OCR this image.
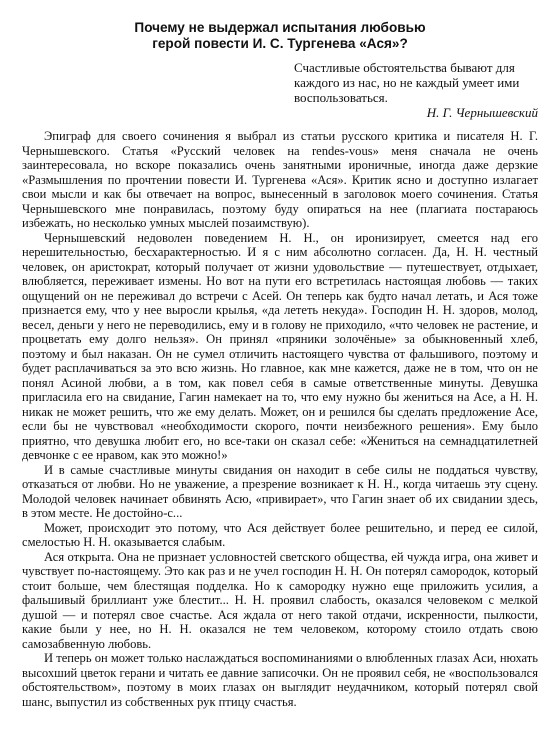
Почему не выдержал испытания любовью
герой повести И. С. Тургенева «Ася»?
Счастливые обстоятельства бывают для каждого из нас, но не каждый умеет ими воспользоваться.
Н. Г. Чернышевский

Эпиграф для своего сочинения я выбрал из статьи русского критика и писателя Н. Г. Чернышевского. Статья «Русский человек на rendes-vous» меня сначала не очень заинтересовала, но вскоре показались очень занятными ироничные, иногда даже дерзкие «Размышления по прочтении повести И. Тургенева «Ася». Критик ясно и доступно излагает свои мысли и как бы отвечает на вопрос, вынесенный в заголовок моего сочинения. Статья Чернышевского мне понравилась, поэтому буду опираться на нее (плагиата постараюсь избежать, но несколько умных мыслей позаимствую).

Чернышевский недоволен поведением Н. Н., он иронизирует, смеется над его нерешительностью, бесхарактерностью. И я с ним абсолютно согласен. Да, Н. Н. честный человек, он аристократ, который получает от жизни удовольствие — путешествует, отдыхает, влюбляется, переживает измены. Но вот на пути его встретилась настоящая любовь — таких ощущений он не переживал до встречи с Асей. Он теперь как будто начал летать, и Ася тоже признается ему, что у нее выросли крылья, «да лететь некуда». Господин Н. Н. здоров, молод, весел, деньги у него не переводились, ему и в голову не приходило, «что человек не растение, и процветать ему долго нельзя». Он принял «пряники золочёные» за обыкновенный хлеб, поэтому и был наказан. Он не сумел отличить настоящего чувства от фальшивого, поэтому и будет расплачиваться за это всю жизнь. Но главное, как мне кажется, даже не в том, что он не понял Асиной любви, а в том, как повел себя в самые ответственные минуты. Девушка пригласила его на свидание, Гагин намекает на то, что ему нужно бы жениться на Асе, а Н. Н. никак не может решить, что же ему делать. Может, он и решился бы сделать предложение Асе, если бы не чувствовал «необходимости скорого, почти неизбежного решения». Ему было приятно, что девушка любит его, но все-таки он сказал себе: «Жениться на семнадцатилетней девчонке с ее нравом, как это можно!»

И в самые счастливые минуты свидания он находит в себе силы не поддаться чувству, отказаться от любви. Но не уважение, а презрение возникает к Н. Н., когда читаешь эту сцену. Молодой человек начинает обвинять Асю, «привирает», что Гагин знает об их свидании здесь, в этом месте. Не достойно-с...

Может, происходит это потому, что Ася действует более решительно, и перед ее силой, смелостью Н. Н. оказывается слабым.

Ася открыта. Она не признает условностей светского общества, ей чужда игра, она живет и чувствует по-настоящему. Это как раз и не учел господин Н. Н. Он потерял самородок, который стоит больше, чем блестящая подделка. Но к самородку нужно еще приложить усилия, а фальшивый бриллиант уже блестит... Н. Н. проявил слабость, оказался человеком с мелкой душой — и потерял свое счастье. Ася ждала от него такой отдачи, искренности, пылкости, какие были у нее, но Н. Н. оказался не тем человеком, которому стоило отдать свою самозабвенную любовь.

И теперь он может только наслаждаться воспоминаниями о влюбленных глазах Аси, нюхать высохший цветок герани и читать ее давние записочки. Он не проявил себя, не «воспользовался обстоятельством», поэтому в моих глазах он выглядит неудачником, который потерял свой шанс, выпустил из собственных рук птицу счастья.
